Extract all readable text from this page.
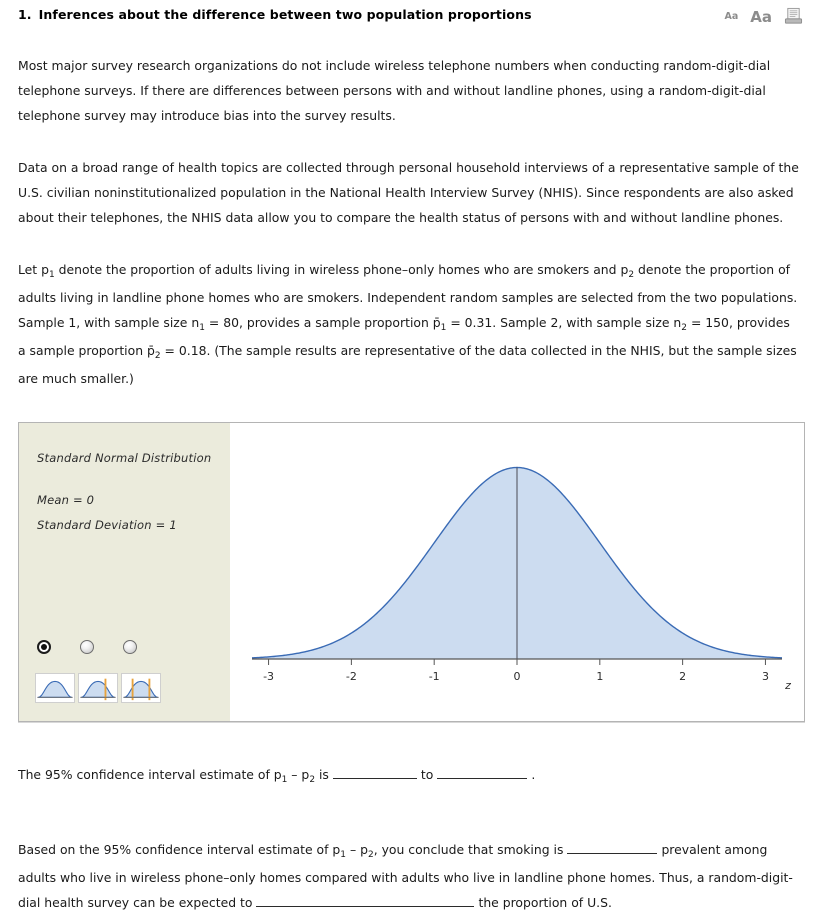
1. Inferences about the difference between two population proportions	Aa Aa

Most major survey research organizations do not include wireless telephone numbers when conducting random-digit-dial telephone surveys. If there are differences between persons with and without landline phones, using a random-digit-dial telephone survey may introduce bias into the survey results.

Data on a broad range of health topics are collected through personal household interviews of a representative sample of the U.S. civilian noninstitutionalized population in the National Health Interview Survey (NHIS). Since respondents are also asked about their telephones, the NHIS data allow you to compare the health status of persons with and without landline phones.

Let $p_1$ denote the proportion of adults living in wireless phone–only homes who are smokers and $p_2$ denote the proportion of adults living in landline phone homes who are smokers. Independent random samples are selected from the two populations. Sample 1, with sample size $n_1 = 80$, provides a sample proportion $p̄_1 = 0.31$. Sample 2, with sample size $n_2 = 150$, provides a sample proportion $p̄_2 = 0.18$. (The sample results are representative of the data collected in the NHIS, but the sample sizes are much smaller.)

Standard Normal Distribution
Mean = 0
Standard Deviation = 1
-3	-2	-1	0	1	2	3
z

The 95% confidence interval estimate of $p_1 - p_2$ is	to	.

Based on the 95% confidence interval estimate of $p_1 - p_2$, you conclude that smoking is	prevalent among adults who live in wireless phone–only homes compared with adults who live in landline phone homes. Thus, a random-digit-dial health survey can be expected to	the proportion of U.S.
